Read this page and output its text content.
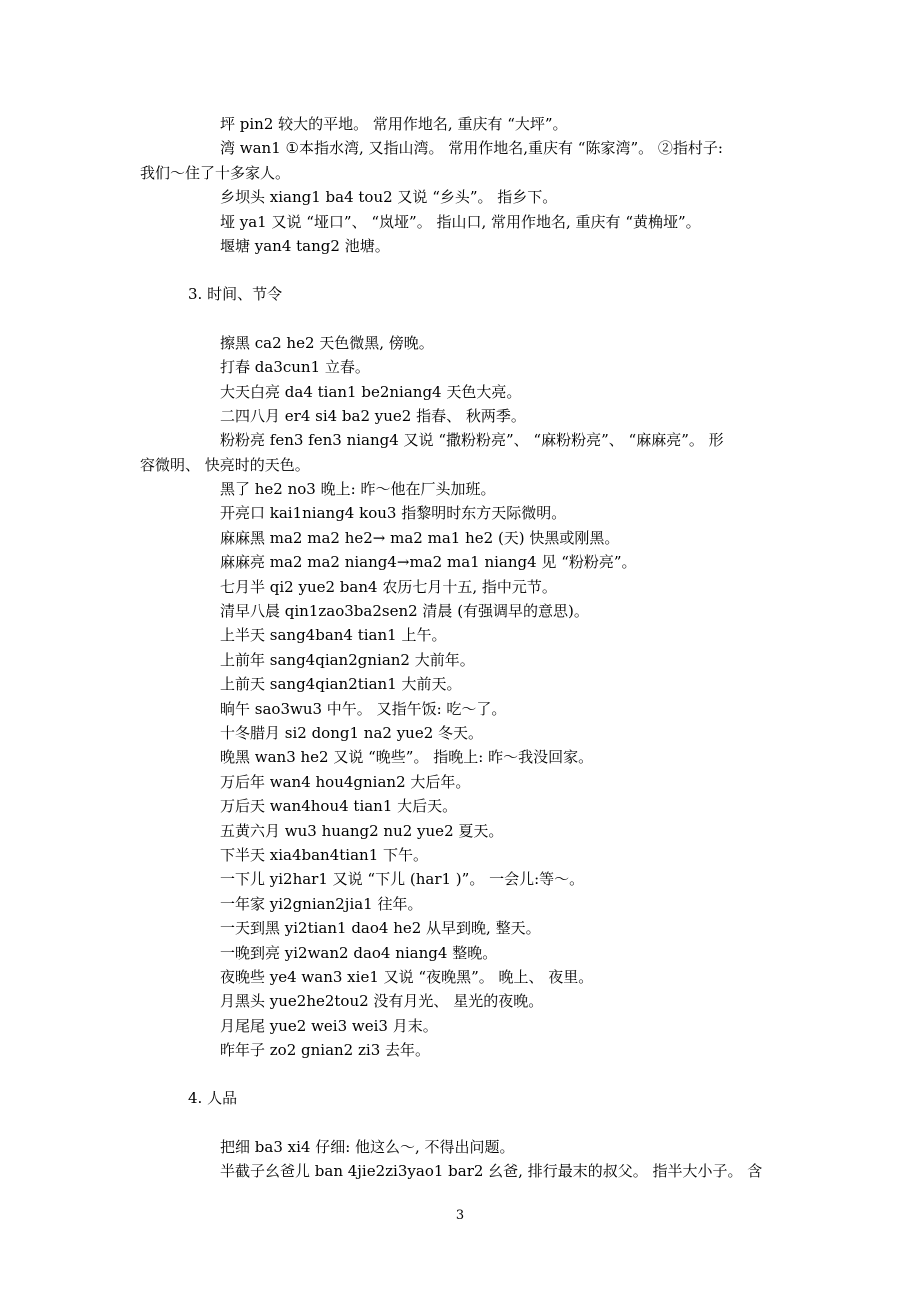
坪 pin2 较大的平地。 常用作地名, 重庆有 “大坪”。
湾 wan1 ①本指水湾, 又指山湾。 常用作地名,重庆有 “陈家湾”。 ②指村子:
我们～住了十多家人。
乡坝头 xiang1 ba4 tou2 又说 “乡头”。 指乡下。
垭 ya1 又说 “垭口”、 “岚垭”。 指山口, 常用作地名, 重庆有 “黄桷垭”。
堰塘 yan4 tang2 池塘。
3. 时间、节令
擦黑 ca2 he2 天色微黑, 傍晚。
打春 da3cun1 立春。
大天白亮 da4 tian1 be2niang4 天色大亮。
二四八月 er4 si4 ba2 yue2 指春、 秋两季。
粉粉亮 fen3 fen3 niang4 又说 “撒粉粉亮”、 “麻粉粉亮”、 “麻麻亮”。 形
容微明、 快亮时的天色。
黑了 he2 no3 晚上: 昨～他在厂头加班。
开亮口 kai1niang4 kou3 指黎明时东方天际微明。
麻麻黑 ma2 ma2 he2→ ma2 ma1 he2 (天) 快黑或刚黑。
麻麻亮 ma2 ma2 niang4→ma2 ma1 niang4 见 “粉粉亮”。
七月半 qi2 yue2 ban4 农历七月十五, 指中元节。
清早八晨 qin1zao3ba2sen2 清晨 (有强调早的意思)。
上半天 sang4ban4 tian1 上午。
上前年 sang4qian2gnian2 大前年。
上前天 sang4qian2tian1 大前天。
晌午 sao3wu3 中午。 又指午饭: 吃～了。
十冬腊月 si2 dong1 na2 yue2 冬天。
晚黑 wan3 he2 又说 “晚些”。 指晚上: 昨～我没回家。
万后年 wan4 hou4gnian2 大后年。
万后天 wan4hou4 tian1 大后天。
五黄六月 wu3 huang2 nu2 yue2 夏天。
下半天 xia4ban4tian1 下午。
一下儿 yi2har1 又说 “下儿 (har1 )”。 一会儿:等～。
一年家 yi2gnian2jia1 往年。
一天到黑 yi2tian1 dao4 he2 从早到晚, 整天。
一晚到亮 yi2wan2 dao4 niang4 整晚。
夜晚些 ye4 wan3 xie1 又说 “夜晚黑”。 晚上、 夜里。
月黑头 yue2he2tou2 没有月光、 星光的夜晚。
月尾尾 yue2 wei3 wei3 月末。
昨年子 zo2 gnian2 zi3 去年。
4. 人品
把细 ba3 xi4 仔细: 他这么～, 不得出问题。
半截子幺爸儿 ban 4jie2zi3yao1 bar2 幺爸, 排行最末的叔父。 指半大小子。 含
3
